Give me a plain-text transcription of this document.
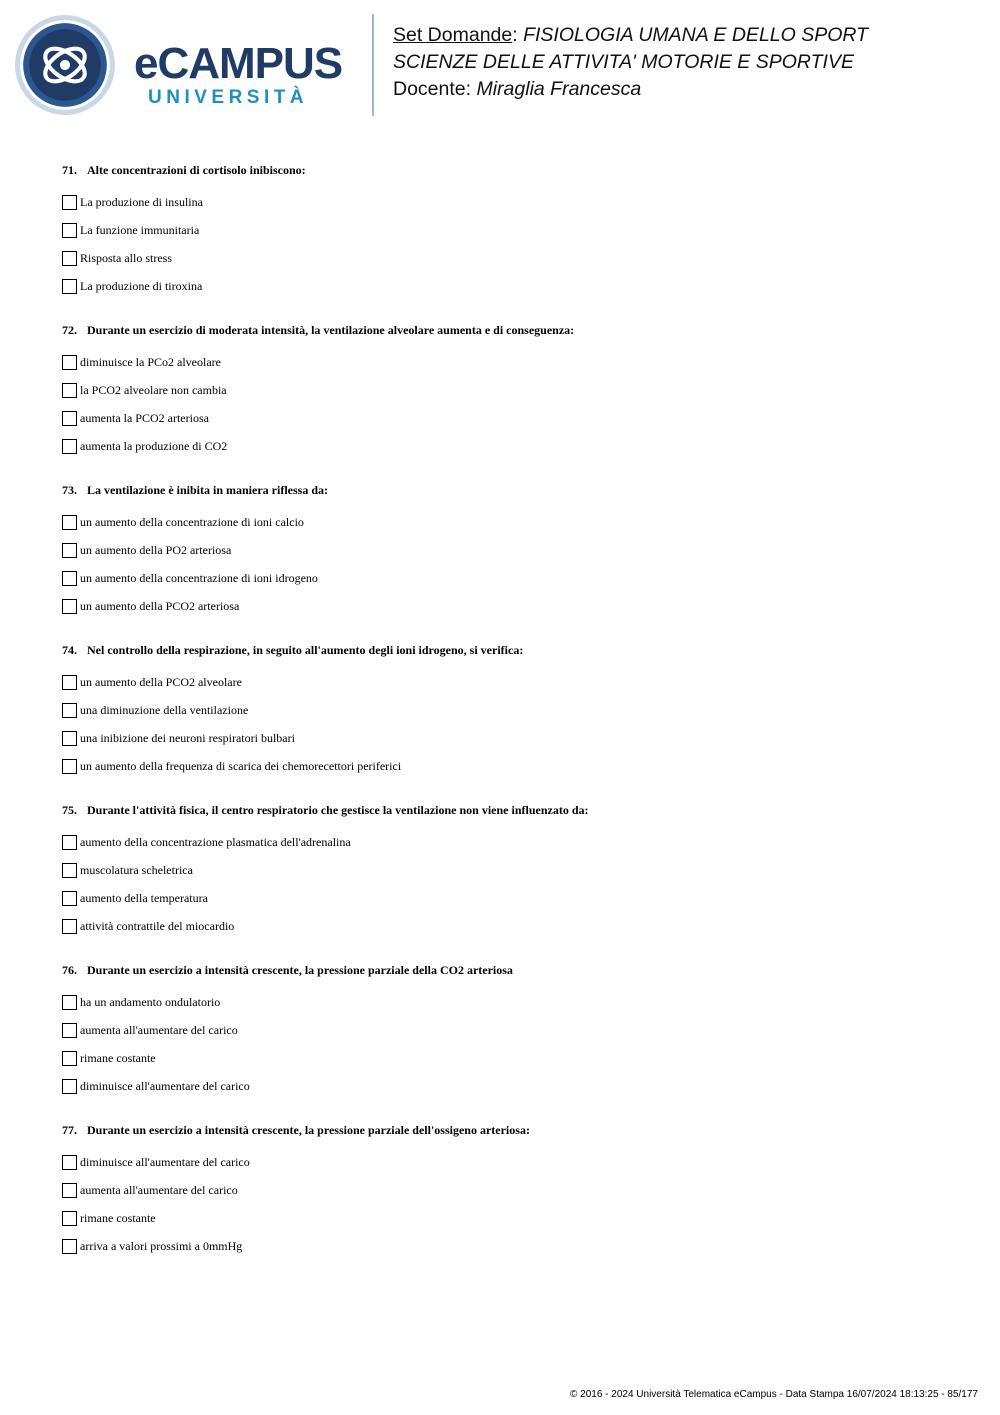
eCAMPUS
UNIVERSITÀ
Set Domande: FISIOLOGIA UMANA E DELLO SPORT
SCIENZE DELLE ATTIVITA' MOTORIE E SPORTIVE
Docente: Miraglia Francesca
71. Alte concentrazioni di cortisolo inibiscono:
La produzione di insulina
La funzione immunitaria
Risposta allo stress
La produzione di tiroxina
72. Durante un esercizio di moderata intensità, la ventilazione alveolare aumenta e di conseguenza:
diminuisce la PCo2 alveolare
la PCO2 alveolare non cambia
aumenta la PCO2 arteriosa
aumenta la produzione di CO2
73. La ventilazione è inibita in maniera riflessa da:
un aumento della concentrazione di ioni calcio
un aumento della PO2 arteriosa
un aumento della concentrazione di ioni idrogeno
un aumento della PCO2 arteriosa
74. Nel controllo della respirazione, in seguito all'aumento degli ioni idrogeno, si verifica:
un aumento della PCO2 alveolare
una diminuzione della ventilazione
una inibizione dei neuroni respiratori bulbari
un aumento della frequenza di scarica dei chemorecettori periferici
75. Durante l'attività fisica, il centro respiratorio che gestisce la ventilazione non viene influenzato da:
aumento della concentrazione plasmatica dell'adrenalina
muscolatura scheletrica
aumento della temperatura
attività contrattile del miocardio
76. Durante un esercizio a intensità crescente, la pressione parziale della CO2 arteriosa
ha un andamento ondulatorio
aumenta all'aumentare del carico
rimane costante
diminuisce all'aumentare del carico
77. Durante un esercizio a intensità crescente, la pressione parziale dell'ossigeno arteriosa:
diminuisce all'aumentare del carico
aumenta all'aumentare del carico
rimane costante
arriva a valori prossimi a 0mmHg
© 2016 - 2024 Università Telematica eCampus - Data Stampa 16/07/2024 18:13:25 - 85/177
